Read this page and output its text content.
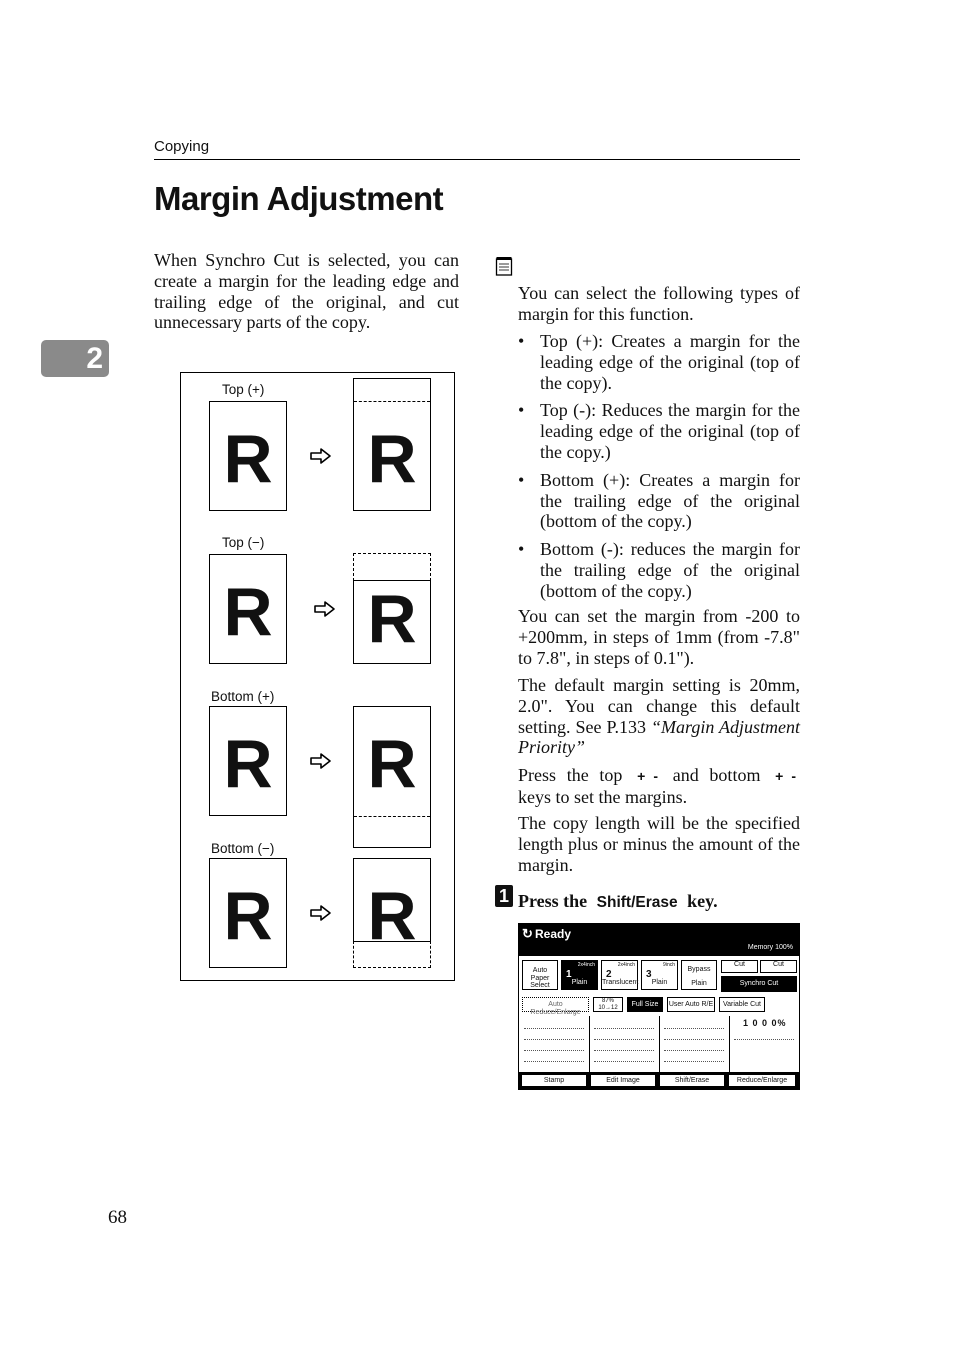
Copying
Margin Adjustment
2

When Synchro Cut is selected, you can create a margin for the leading edge and trailing edge of the original, and cut unnecessary parts of the copy.

Top (+)
R R
Top (−)
R R
Bottom (+)
R R
Bottom (−)
R R
You can select the following types of margin for this function.
• Top (+): Creates a margin for the leading edge of the original (top of the copy).
• Top (-): Reduces the margin for the leading edge of the original (top of the copy.)
• Bottom (+): Creates a margin for the trailing edge of the original (bottom of the copy.)
• Bottom (-): reduces the margin for the trailing edge of the original (bottom of the copy.)
You can set the margin from -200 to +200mm, in steps of 1mm (from -7.8" to 7.8", in steps of 0.1").
The default margin setting is 20mm, 2.0". You can change this default setting. See P.133 “Margin Adjustment Priority”
Press the top + - and bottom + - keys to set the margins.
The copy length will be the specified length plus or minus the amount of the margin.
1 Press the Shift/Erase key.
↻ Ready
Memory 100%
Auto Paper Select
1
2x4inch
Plain
2
2x4inch
Translucent
3
9inch
Plain
Bypass
Plain
Cut	Cut
Synchro Cut
Auto Reduce/Enlarge
87%
10→12	Full Size	User Auto R/E	Variable Cut
1 0 0 0%
Stamp	Edit Image	Shift/Erase	Reduce/Enlarge
68
